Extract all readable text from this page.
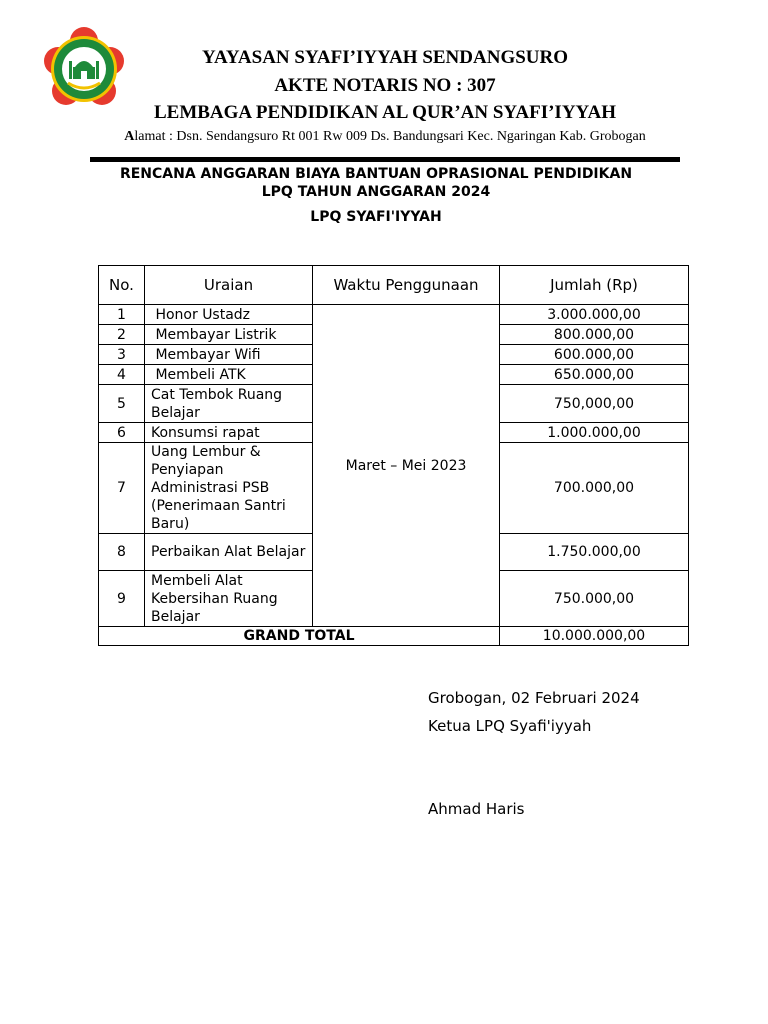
YAYASAN SYAFI’IYYAH SENDANGSURO
AKTE NOTARIS NO : 307
LEMBAGA PENDIDIKAN AL QUR’AN SYAFI’IYYAH
Alamat : Dsn. Sendangsuro Rt 001 Rw 009 Ds. Bandungsari Kec. Ngaringan Kab. Grobogan
RENCANA ANGGARAN BIAYA BANTUAN OPRASIONAL PENDIDIKAN
LPQ TAHUN ANGGARAN 2024
LPQ SYAFI'IYYAH
No.	Uraian	Waktu Penggunaan	Jumlah (Rp)
1	Honor Ustadz	Maret – Mei 2023	3.000.000,00
2	Membayar Listrik		800.000,00
3	Membayar Wifi		600.000,00
4	Membeli ATK		650.000,00
5	Cat Tembok Ruang Belajar		750,000,00
6	Konsumsi rapat		1.000.000,00
7	Uang Lembur & Penyiapan Administrasi PSB (Penerimaan Santri Baru)		700.000,00
8	Perbaikan Alat Belajar		1.750.000,00
9	Membeli Alat Kebersihan Ruang Belajar		750.000,00
GRAND TOTAL			10.000.000,00
Grobogan, 02 Februari 2024
Ketua LPQ Syafi'iyyah
Ahmad Haris
